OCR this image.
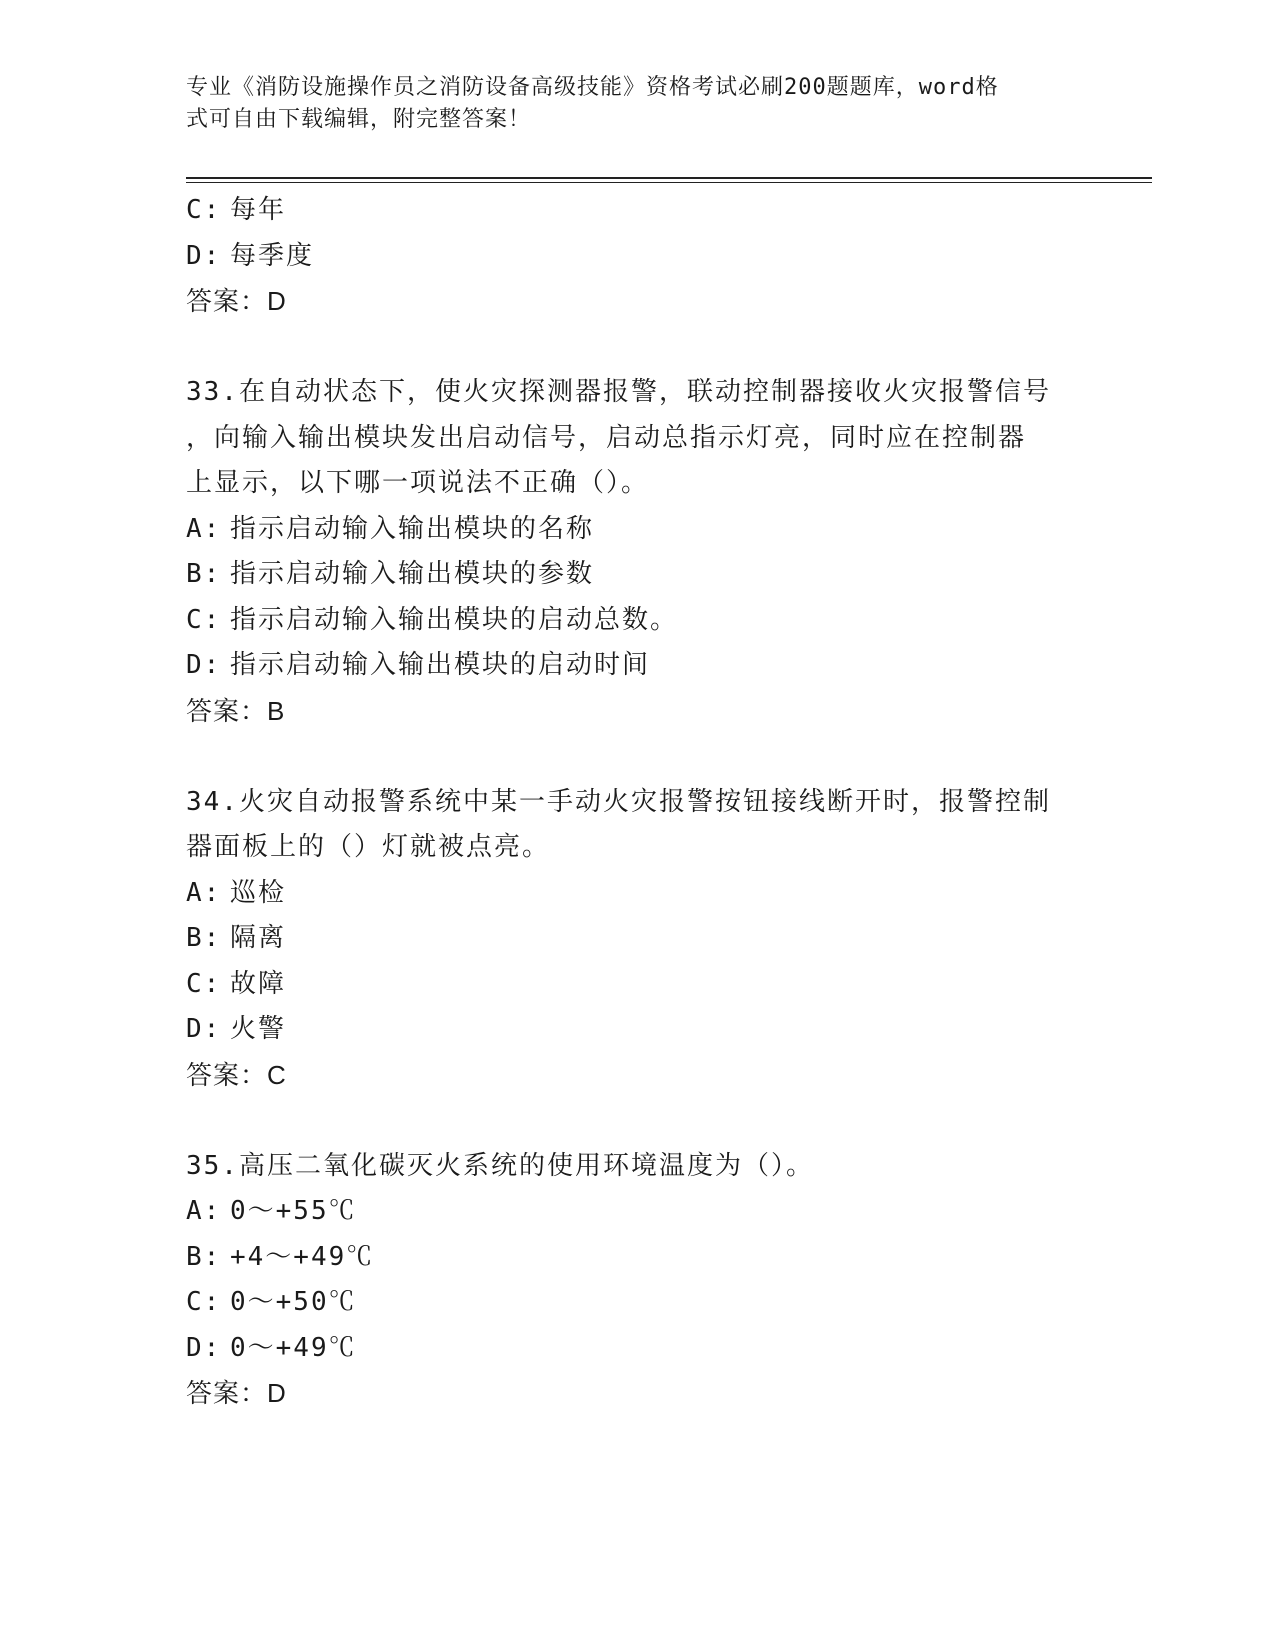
专业《消防设施操作员之消防设备高级技能》资格考试必刷200题题库，word格
式可自由下载编辑，附完整答案！
C: 每年
D: 每季度
答案：D
33.在自动状态下，使火灾探测器报警，联动控制器接收火灾报警信号
，向输入输出模块发出启动信号，启动总指示灯亮，同时应在控制器
上显示，以下哪一项说法不正确（）。
A: 指示启动输入输出模块的名称
B: 指示启动输入输出模块的参数
C: 指示启动输入输出模块的启动总数。
D: 指示启动输入输出模块的启动时间
答案：B
34.火灾自动报警系统中某一手动火灾报警按钮接线断开时，报警控制
器面板上的（）灯就被点亮。
A: 巡检
B: 隔离
C: 故障
D: 火警
答案：C
35.高压二氧化碳灭火系统的使用环境温度为（）。
A: 0～+55℃
B: +4～+49℃
C: 0～+50℃
D: 0～+49℃
答案：D
